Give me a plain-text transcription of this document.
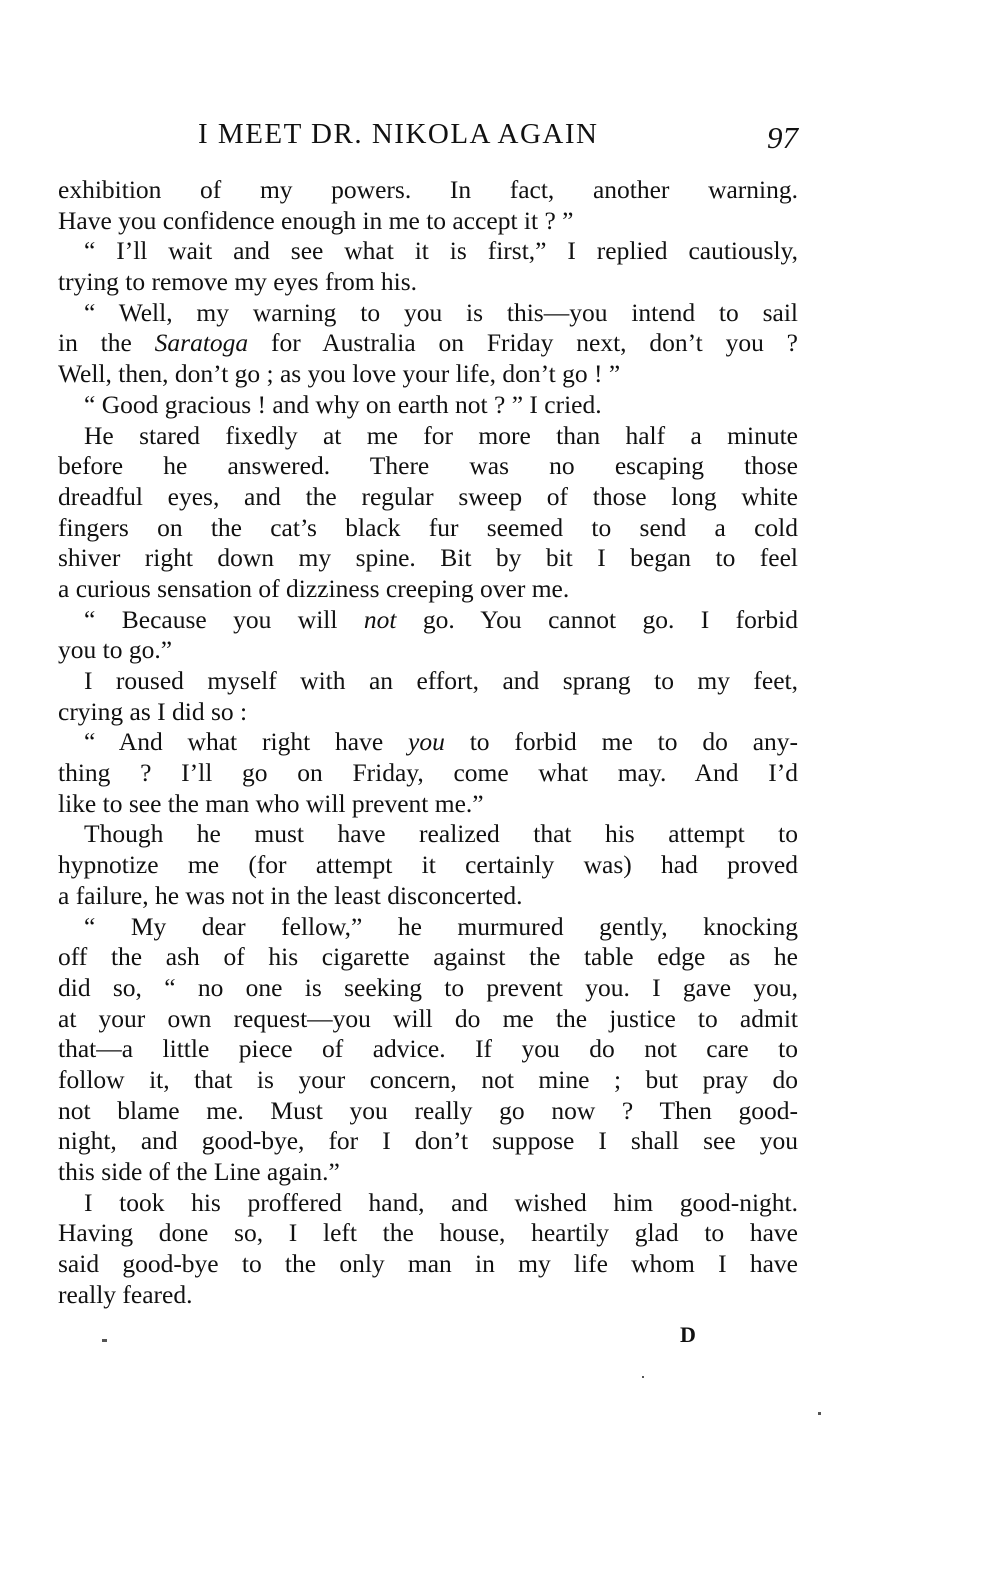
I MEET DR. NIKOLA AGAIN	97
exhibition of my powers. In fact, another warning.
Have you confidence enough in me to accept it ? ”
“ I’ll wait and see what it is first,” I replied cautiously,
trying to remove my eyes from his.
“ Well, my warning to you is this—you intend to sail
in the Saratoga for Australia on Friday next, don’t you ?
Well, then, don’t go ; as you love your life, don’t go ! ”
“ Good gracious ! and why on earth not ? ” I cried.
He stared fixedly at me for more than half a minute
before he answered. There was no escaping those
dreadful eyes, and the regular sweep of those long white
fingers on the cat’s black fur seemed to send a cold
shiver right down my spine. Bit by bit I began to feel
a curious sensation of dizziness creeping over me.
“ Because you will not go. You cannot go. I forbid
you to go.”
I roused myself with an effort, and sprang to my feet,
crying as I did so :
“ And what right have you to forbid me to do any-
thing ? I’ll go on Friday, come what may. And I’d
like to see the man who will prevent me.”
Though he must have realized that his attempt to
hypnotize me (for attempt it certainly was) had proved
a failure, he was not in the least disconcerted.
“ My dear fellow,” he murmured gently, knocking
off the ash of his cigarette against the table edge as he
did so, “ no one is seeking to prevent you. I gave you,
at your own request—you will do me the justice to admit
that—a little piece of advice. If you do not care to
follow it, that is your concern, not mine ; but pray do
not blame me. Must you really go now ? Then good-
night, and good-bye, for I don’t suppose I shall see you
this side of the Line again.”
I took his proffered hand, and wished him good-night.
Having done so, I left the house, heartily glad to have
said good-bye to the only man in my life whom I have
really feared.
D
